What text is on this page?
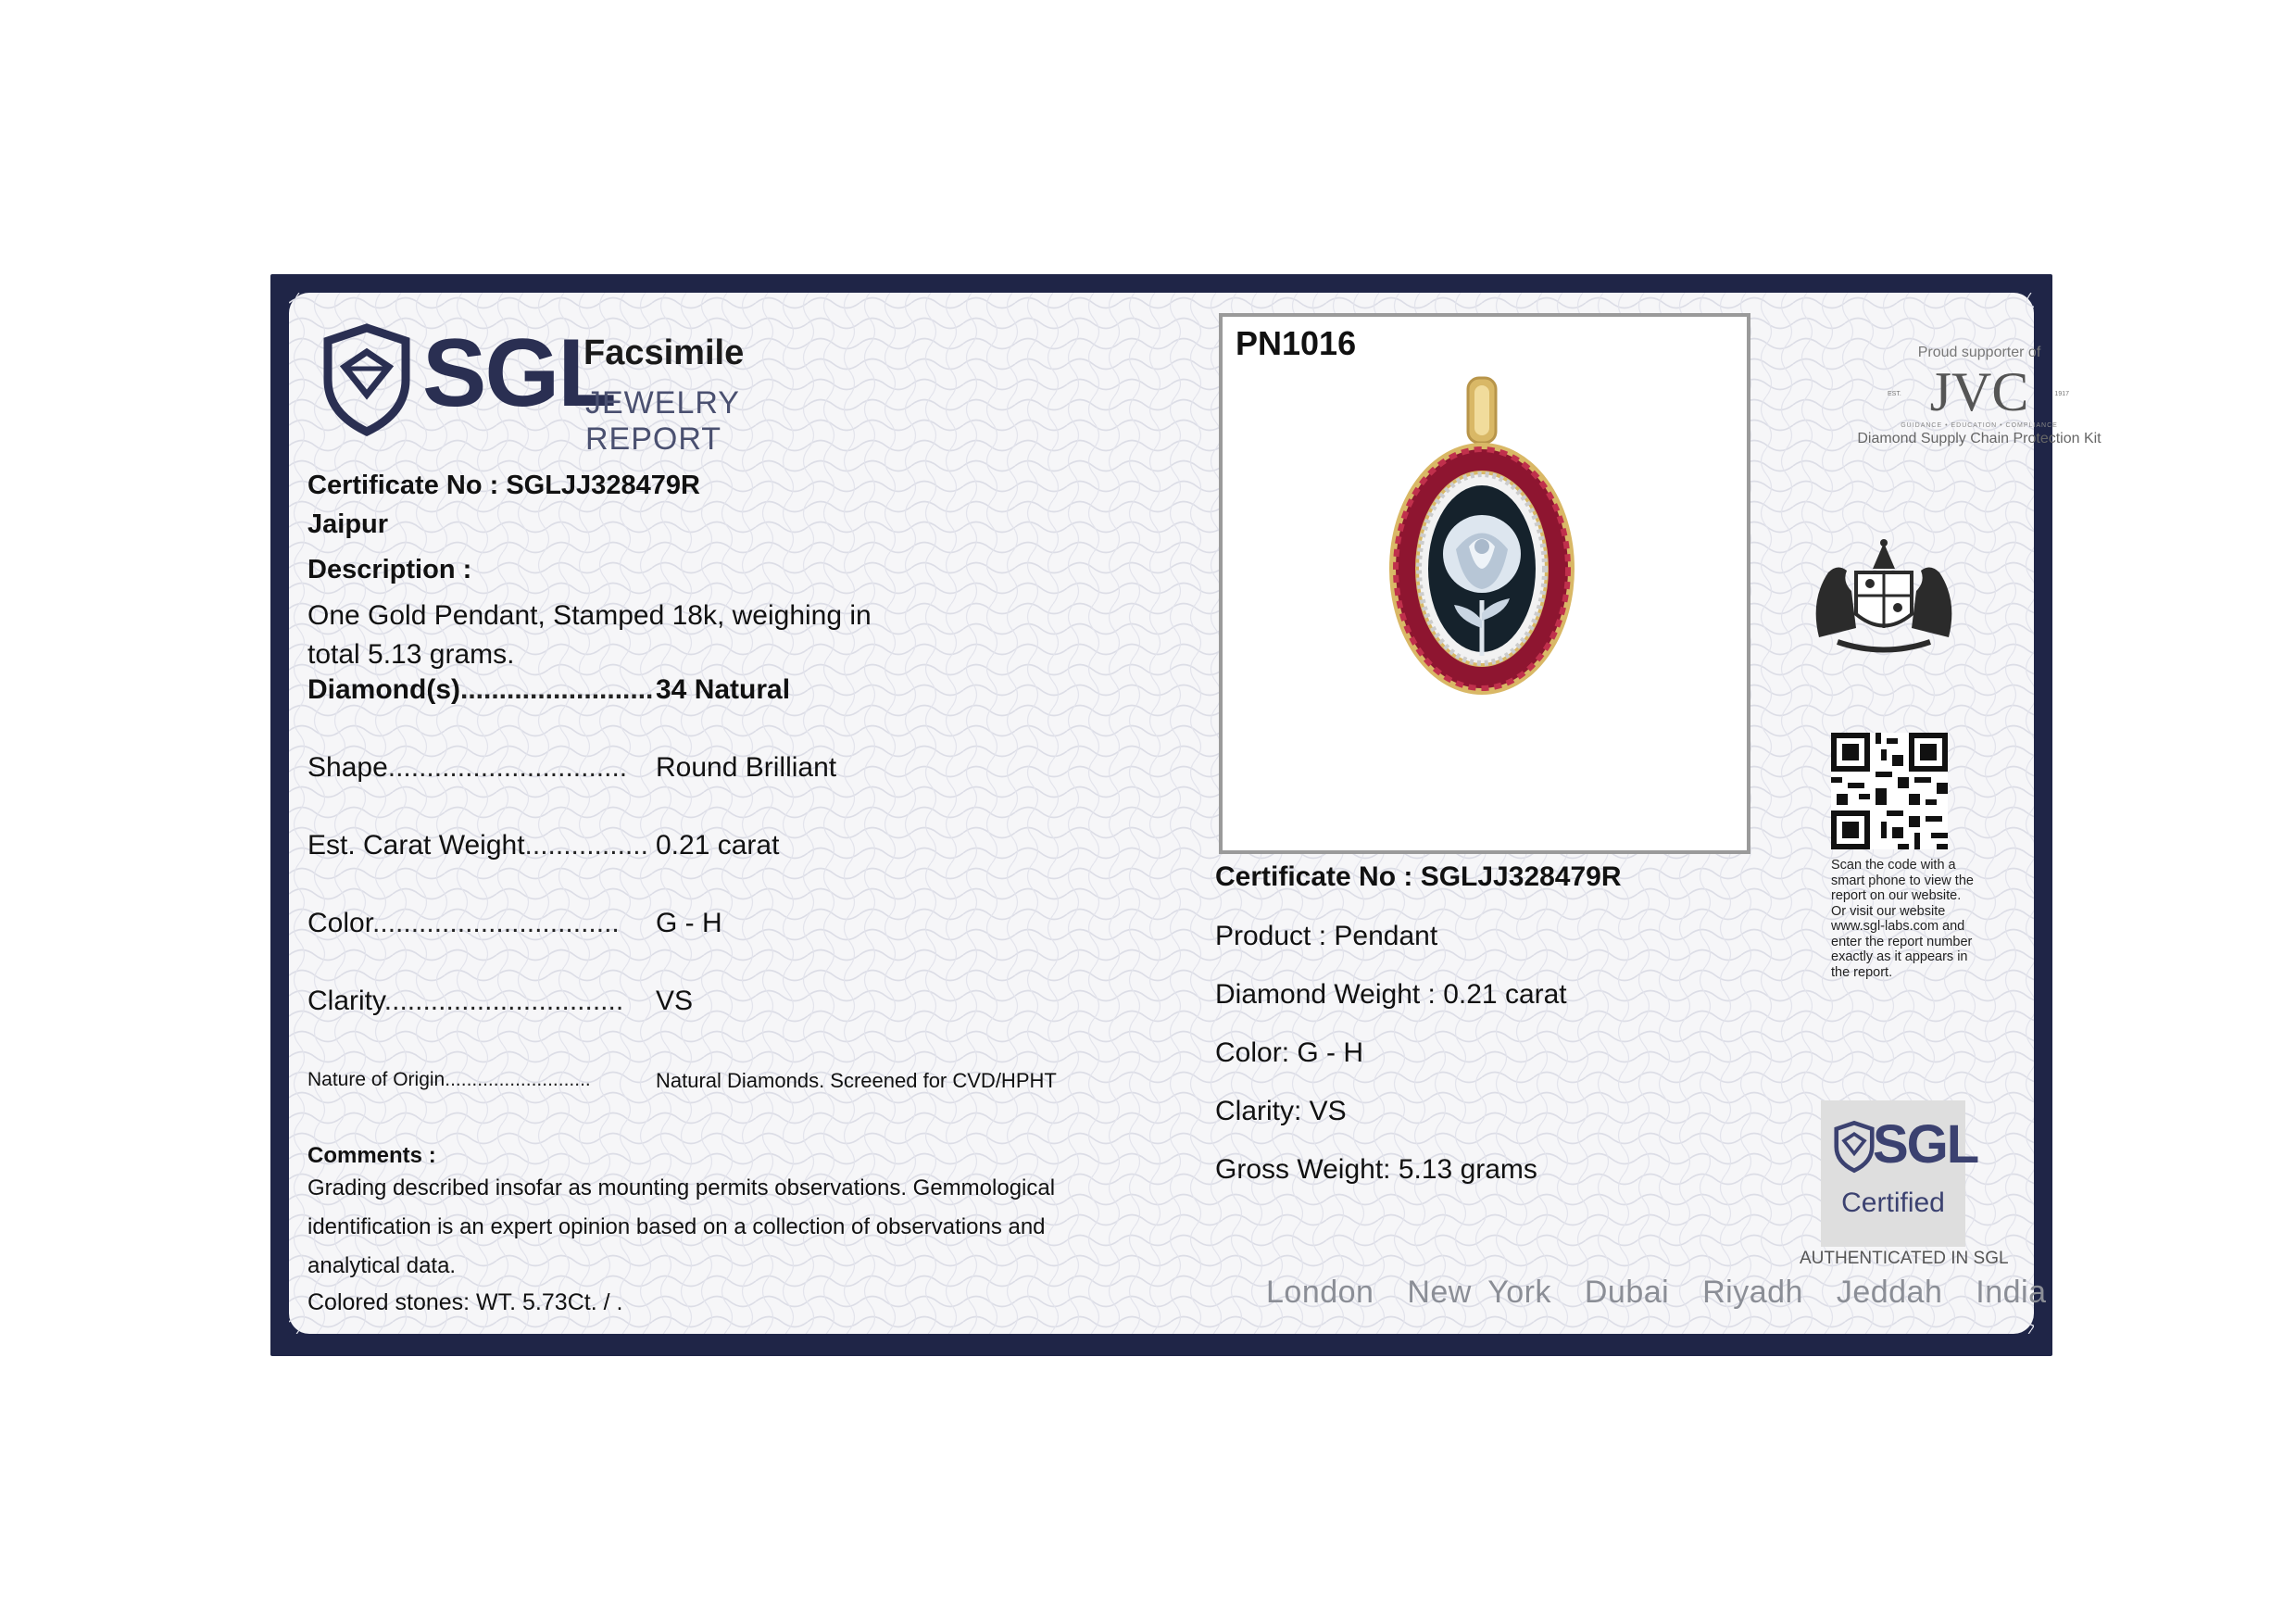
SGL
Facsimile
JEWELRY REPORT
Certificate No : SGLJJ328479R
Jaipur
Description :
One Gold Pendant, Stamped 18k, weighing in total 5.13 grams.
Diamond(s)......................... 34 Natural
Shape............................... Round Brilliant
Est. Carat Weight................ 0.21 carat
Color................................ G - H
Clarity............................... VS
Nature of Origin...........................	Natural Diamonds. Screened for CVD/HPHT
Comments :
Grading described insofar as mounting permits observations. Gemmological identification is an expert opinion based on a collection of observations and analytical data.
Colored stones: WT. 5.73Ct. / .
PN1016
Certificate No : SGLJJ328479R
Product : Pendant
Diamond Weight : 0.21 carat
Color: G - H
Clarity: VS
Gross Weight: 5.13 grams
London  New York  Dubai  Riyadh  Jeddah  India
Proud supporter of
EST. JVC	1917
GUIDANCE • EDUCATION • COMPLIANCE
Diamond Supply Chain Protection Kit
Scan the code with a smart phone to view the report on our website. Or visit our website www.sgl-labs.com and enter the report number exactly as it appears in the report.
SGL
Certified
AUTHENTICATED IN SGL
